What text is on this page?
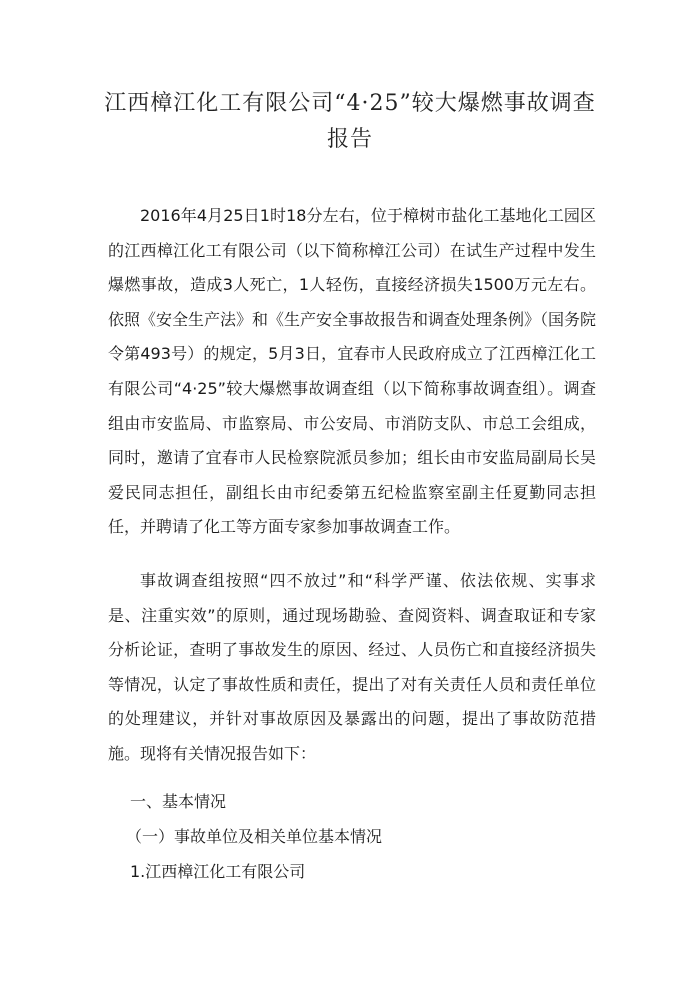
江西樟江化工有限公司“4·25”较大爆燃事故调查报告

2016年4月25日1时18分左右，位于樟树市盐化工基地化工园区的江西樟江化工有限公司（以下简称樟江公司）在试生产过程中发生爆燃事故，造成3人死亡，1人轻伤，直接经济损失1500万元左右。依照《安全生产法》和《生产安全事故报告和调查处理条例》（国务院令第493号）的规定，5月3日，宜春市人民政府成立了江西樟江化工有限公司“4·25”较大爆燃事故调查组（以下简称事故调查组）。调查组由市安监局、市监察局、市公安局、市消防支队、市总工会组成，同时，邀请了宜春市人民检察院派员参加；组长由市安监局副局长吴爱民同志担任，副组长由市纪委第五纪检监察室副主任夏勤同志担任，并聘请了化工等方面专家参加事故调查工作。

事故调查组按照“四不放过”和“科学严谨、依法依规、实事求是、注重实效”的原则，通过现场勘验、查阅资料、调查取证和专家分析论证，查明了事故发生的原因、经过、人员伤亡和直接经济损失等情况，认定了事故性质和责任，提出了对有关责任人员和责任单位的处理建议，并针对事故原因及暴露出的问题，提出了事故防范措施。现将有关情况报告如下：

一、基本情况

（一）事故单位及相关单位基本情况

1.江西樟江化工有限公司
